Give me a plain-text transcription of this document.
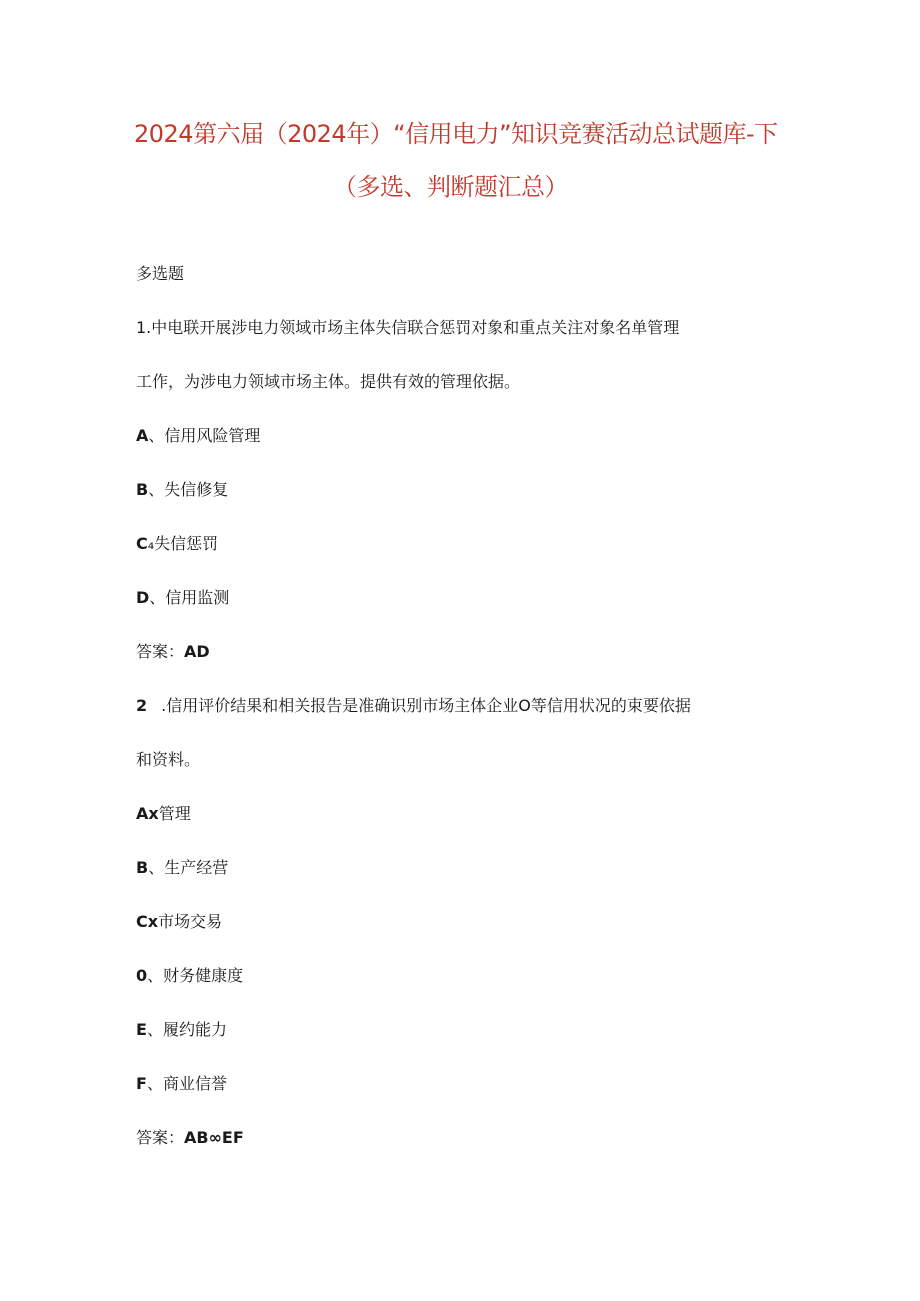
2024第六届（2024年）“信用电力”知识竞赛活动总试题库-下
（多选、判断题汇总）
多选题
1.中电联开展涉电力领域市场主体失信联合惩罚对象和重点关注对象名单管理
工作，为涉电力领域市场主体。提供有效的管理依据。
A、信用风险管理
B、失信修复
C₄失信惩罚
D、信用监测
答案：AD
2 .信用评价结果和相关报告是准确识别市场主体企业O等信用状况的束要依据
和资料。
Ax管理
B、生产经营
Cx市场交易
0、财务健康度
E、履约能力
F、商业信誉
答案：AB∞EF
